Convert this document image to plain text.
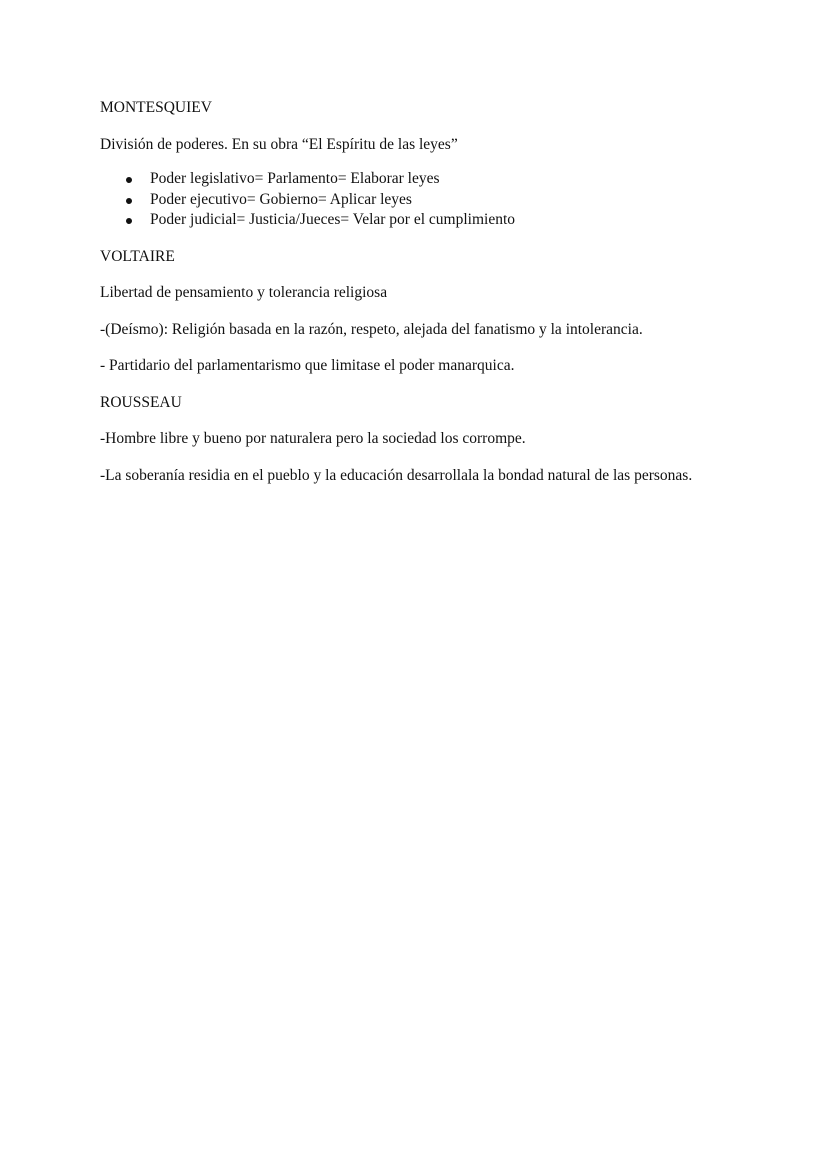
MONTESQUIEV

División de poderes. En su obra “El Espíritu de las leyes”

Poder legislativo= Parlamento= Elaborar leyes
Poder ejecutivo= Gobierno= Aplicar leyes
Poder judicial= Justicia/Jueces= Velar por el cumplimiento

VOLTAIRE

Libertad de pensamiento y tolerancia religiosa

-(Deísmo): Religión basada en la razón, respeto, alejada del fanatismo y la intolerancia.

- Partidario del parlamentarismo que limitase el poder manarquica.

ROUSSEAU

-Hombre libre y bueno por naturalera pero la sociedad los corrompe.

-La soberanía residia en el pueblo y la educación desarrollala la bondad natural de las personas.
